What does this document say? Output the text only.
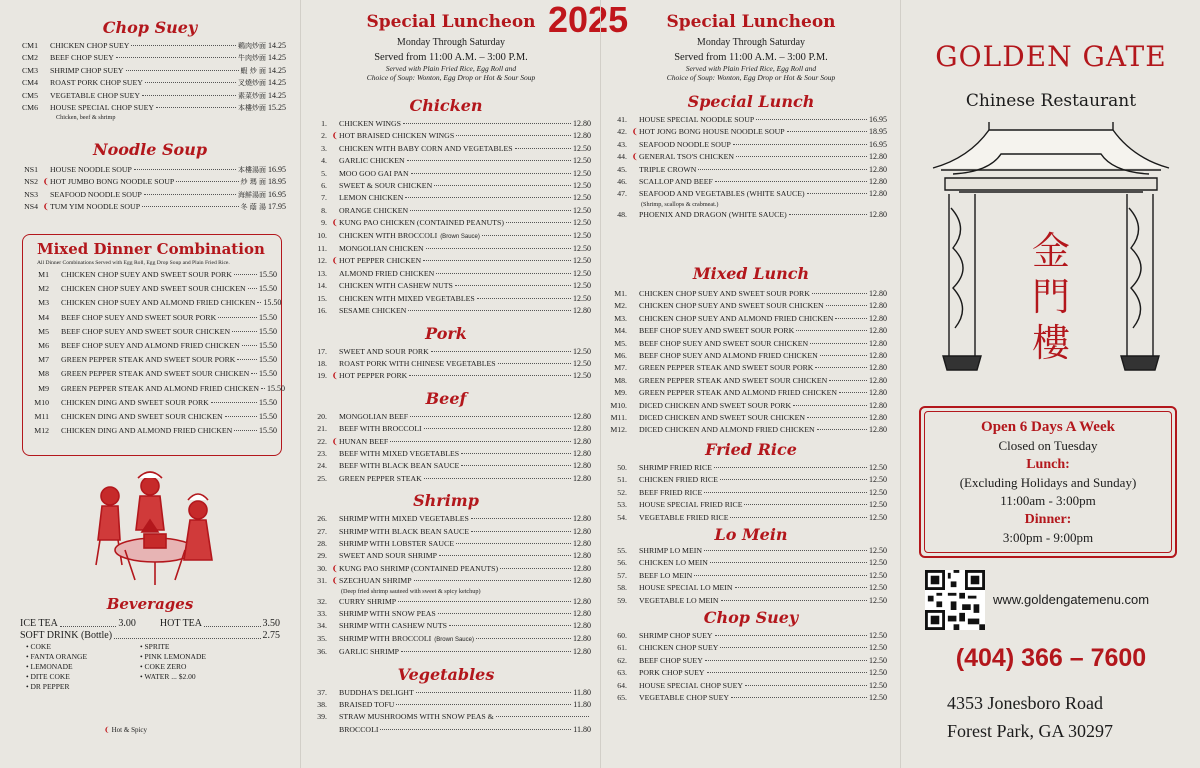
Chop Suey
CM1	CHICKEN CHOP SUEY	鷄肉炒面 14.25
CM2	BEEF CHOP SUEY	牛肉炒面 14.25
CM3	SHRIMP CHOP SUEY	蝦 炒 面 14.25
CM4	ROAST PORK CHOP SUEY	叉燒炒面 14.25
CM5	VEGETABLE CHOP SUEY	素菜炒面 14.25
CM6	HOUSE SPECIAL CHOP SUEY	本樓炒面 15.25
Chicken, beef & shrimp
Noodle Soup
NS1	HOUSE NOODLE SOUP	本樓湯面 16.95
NS2 ❨ HOT JUMBO BONG NOODLE SOUP	炒 瑪 面 18.95
NS3	SEAFOOD NOODLE SOUP	海鮮湯面 16.95
NS4 ❨ TUM YIM NOODLE SOUP	冬 蔭 湯 17.95
Mixed Dinner Combination
All Dinner Combinations Served with Egg Roll, Egg Drop Soup and Plain Fried Rice.
M1	CHICKEN CHOP SUEY AND SWEET SOUR PORK	15.50
M2	CHICKEN CHOP SUEY AND SWEET SOUR CHICKEN 15.50
M3	CHICKEN CHOP SUEY AND ALMOND FRIED CHICKEN 15.50
M4	BEEF CHOP SUEY AND SWEET SOUR PORK	15.50
M5	BEEF CHOP SUEY AND SWEET SOUR CHICKEN	15.50
M6	BEEF CHOP SUEY AND ALMOND FRIED CHICKEN 15.50
M7	GREEN PEPPER STEAK AND SWEET SOUR PORK	15.50
M8	GREEN PEPPER STEAK AND SWEET SOUR CHICKEN 15.50
M9	GREEN PEPPER STEAK AND ALMOND FRIED CHICKEN 15.50
M10	CHICKEN DING AND SWEET SOUR PORK	15.50
M11	CHICKEN DING AND SWEET SOUR CHICKEN	15.50
M12	CHICKEN DING AND ALMOND FRIED CHICKEN	15.50
Beverages
ICE TEA	3.00 HOT TEA	3.50
SOFT DRINK (Bottle)	2.75
• COKE
• FANTA ORANGE
• LEMONADE
• DITE COKE
• DR PEPPER
• SPRITE
• PINK LEMONADE
• COKE ZERO
• WATER ... $2.00
❨ Hot & Spicy
Special Luncheon
Monday Through Saturday
Served from 11:00 A.M. – 3:00 P.M.
Served with Plain Fried Rice, Egg Roll and
Choice of Soup: Wonton, Egg Drop or Hot & Sour Soup
Chicken
1.	CHICKEN WINGS	12.80
2. ❨ HOT BRAISED CHICKEN WINGS	12.80
3.	CHICKEN WITH BABY CORN AND VEGETABLES	12.50
4.	GARLIC CHICKEN	12.50
5.	MOO GOO GAI PAN	12.50
6.	SWEET & SOUR CHICKEN	12.50
7.	LEMON CHICKEN	12.50
8.	ORANGE CHICKEN	12.50
9. ❨ KUNG PAO CHICKEN (CONTAINED PEANUTS)	12.50
10.	CHICKEN WITH BROCCOLI (Brown Sauce)	12.50
11.	MONGOLIAN CHICKEN	12.50
12. ❨ HOT PEPPER CHICKEN	12.50
13.	ALMOND FRIED CHICKEN	12.50
14.	CHICKEN WITH CASHEW NUTS	12.50
15.	CHICKEN WITH MIXED VEGETABLES	12.50
16.	SESAME CHICKEN	12.80
Pork
17.	SWEET AND SOUR PORK	12.50
18.	ROAST PORK WITH CHINESE VEGETABLES	12.50
19. ❨ HOT PEPPER PORK	12.50
Beef
20.	MONGOLIAN BEEF	12.80
21.	BEEF WITH BROCCOLI	12.80
22. ❨ HUNAN BEEF	12.80
23.	BEEF WITH MIXED VEGETABLES	12.80
24.	BEEF WITH BLACK BEAN SAUCE	12.80
25.	GREEN PEPPER STEAK	12.80
Shrimp
26.	SHRIMP WITH MIXED VEGETABLES	12.80
27.	SHRIMP WITH BLACK BEAN SAUCE	12.80
28.	SHRIMP WITH LOBSTER SAUCE	12.80
29.	SWEET AND SOUR SHRIMP	12.80
30. ❨ KUNG PAO SHRIMP (CONTAINED PEANUTS)	12.80
31. ❨ SZECHUAN SHRIMP	12.80
(Deep fried shrimp sauteed with sweet & spicy ketchup)
32.	CURRY SHRIMP	12.80
33.	SHRIMP WITH SNOW PEAS	12.80
34.	SHRIMP WITH CASHEW NUTS	12.80
35.	SHRIMP WITH BROCCOLI (Brown Sauce)	12.80
36.	GARLIC SHRIMP	12.80
Vegetables
37.	BUDDHA'S DELIGHT	11.80
38.	BRAISED TOFU	11.80
39.	STRAW MUSHROOMS WITH SNOW PEAS &
BROCCOLI	11.80
2025	Special Luncheon
Monday Through Saturday
Served from 11:00 A.M. – 3:00 P.M.
Served with Plain Fried Rice, Egg Roll and
Choice of Soup: Wonton, Egg Drop or Hot & Sour Soup
Special Lunch
41.	HOUSE SPECIAL NOODLE SOUP	16.95
42. ❨ HOT JONG BONG HOUSE NOODLE SOUP	18.95
43.	SEAFOOD NOODLE SOUP	16.95
44. ❨ GENERAL TSO'S CHICKEN	12.80
45.	TRIPLE CROWN	12.80
46.	SCALLOP AND BEEF	12.80
47.	SEAFOOD AND VEGETABLES (WHITE SAUCE)	12.80
(Shrimp, scallops & crabmeat.)
48.	PHOENIX AND DRAGON (WHITE SAUCE)	12.80
Mixed Lunch
M1.	CHICKEN CHOP SUEY AND SWEET SOUR PORK	12.80
M2.	CHICKEN CHOP SUEY AND SWEET SOUR CHICKEN	12.80
M3.	CHICKEN CHOP SUEY AND ALMOND FRIED CHICKEN	12.80
M4.	BEEF CHOP SUEY AND SWEET SOUR PORK	12.80
M5.	BEEF CHOP SUEY AND SWEET SOUR CHICKEN	12.80
M6.	BEEF CHOP SUEY AND ALMOND FRIED CHICKEN	12.80
M7.	GREEN PEPPER STEAK AND SWEET SOUR PORK	12.80
M8.	GREEN PEPPER STEAK AND SWEET SOUR CHICKEN	12.80
M9.	GREEN PEPPER STEAK AND ALMOND FRIED CHICKEN	12.80
M10.	DICED CHICKEN AND SWEET SOUR PORK	12.80
M11.	DICED CHICKEN AND SWEET SOUR CHICKEN	12.80
M12.	DICED CHICKEN AND ALMOND FRIED CHICKEN	12.80
Fried Rice
50.	SHRIMP FRIED RICE	12.50
51.	CHICKEN FRIED RICE	12.50
52.	BEEF FRIED RICE	12.50
53.	HOUSE SPECIAL FRIED RICE	12.50
54.	VEGETABLE FRIED RICE	12.50
Lo Mein
55.	SHRIMP LO MEIN	12.50
56.	CHICKEN LO MEIN	12.50
57.	BEEF LO MEIN	12.50
58.	HOUSE SPECIAL LO MEIN	12.50
59.	VEGETABLE LO MEIN	12.50
Chop Suey
60.	SHRIMP CHOP SUEY	12.50
61.	CHICKEN CHOP SUEY	12.50
62.	BEEF CHOP SUEY	12.50
63.	PORK CHOP SUEY	12.50
64.	HOUSE SPECIAL CHOP SUEY	12.50
65.	VEGETABLE CHOP SUEY	12.50
GOLDEN GATE
Chinese Restaurant
金
門
樓
Open 6 Days A Week
Closed on Tuesday
Lunch:
(Excluding Holidays and Sunday)
11:00am - 3:00pm
Dinner:
3:00pm - 9:00pm
www.goldengatemenu.com
(404) 366 – 7600
4353 Jonesboro Road
Forest Park, GA 30297
